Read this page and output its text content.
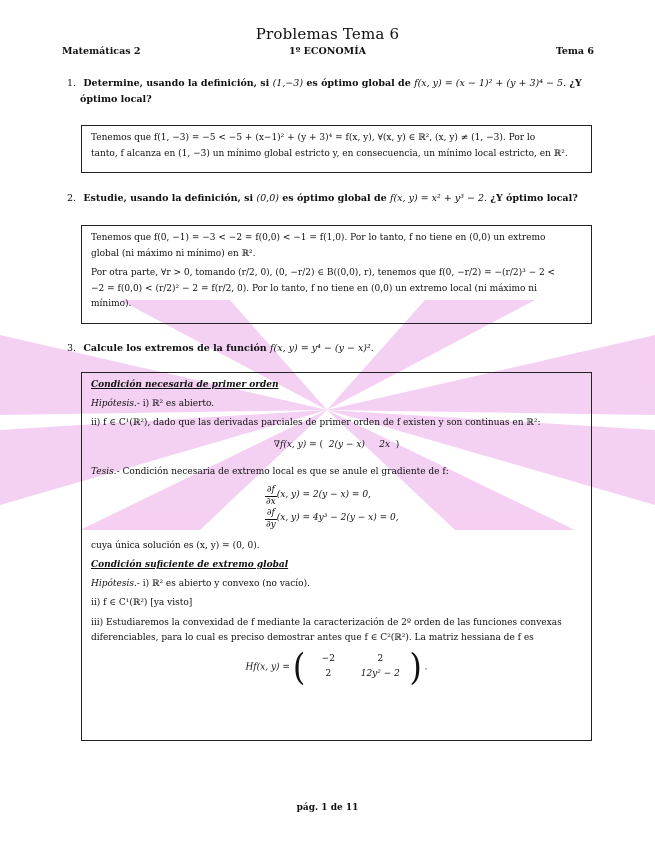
Problemas Tema 6
Matemáticas 2	1º ECONOMÍA	Tema 6
1. Determine, usando la definición, si (1,−3) es óptimo global de f(x, y) = (x − 1)² + (y + 3)⁴ − 5. ¿Y
óptimo local?

Tenemos que f(1, −3) = −5 < −5 + (x−1)² + (y + 3)⁴ = f(x, y), ∀(x, y) ∈ ℝ², (x, y) ≠ (1, −3). Por lo
tanto, f alcanza en (1, −3) un mínimo global estricto y, en consecuencia, un mínimo local estricto, en ℝ².

2. Estudie, usando la definición, si (0,0) es óptimo global de f(x, y) = x² + y³ − 2. ¿Y óptimo local?

Tenemos que f(0, −1) = −3 < −2 = f(0,0) < −1 = f(1,0). Por lo tanto, f no tiene en (0,0) un extremo
global (ni máximo ni mínimo) en ℝ².

Por otra parte, ∀r > 0, tomando (r/2, 0), (0, −r/2) ∈ B((0,0), r), tenemos que f(0, −r/2) = −(r/2)³ − 2 <
−2 = f(0,0) < (r/2)² − 2 = f(r/2, 0). Por lo tanto, f no tiene en (0,0) un extremo local (ni máximo ni
mínimo).

3. Calcule los extremos de la función f(x, y) = y⁴ − (y − x)².
Condición necesaria de primer orden

Hipótesis.- i) ℝ² es abierto.

ii) f ∈ C¹(ℝ²), dado que las derivadas parciales de primer orden de f existen y son continuas en ℝ²:

∇f(x, y) = (  2(y − x) 2x  )

Tesis.- Condición necesaria de extremo local es que se anule el gradiente de f:

$\frac{\partial f}{\partial x} (x$, y) = 2(y − x) = 0,
$\frac{\partial f}{\partial y} (x$, y) = 4y³ − 2(y − x) = 0,

cuya única solución es (x, y) = (0, 0).

Condición suficiente de extremo global

Hipótesis.- i) ℝ² es abierto y convexo (no vacío).

ii) f ∈ C¹(ℝ²) [ya visto]

iii) Estudiaremos la convexidad de f mediante la caracterización de 2º orden de las funciones convexas
diferenciables, para lo cual es preciso demostrar antes que f ∈ C²(ℝ²). La matriz hessiana de f es

Hf(x, y) = (	−2	2
2	12y² − 2 ) .
pág. 1 de 11
